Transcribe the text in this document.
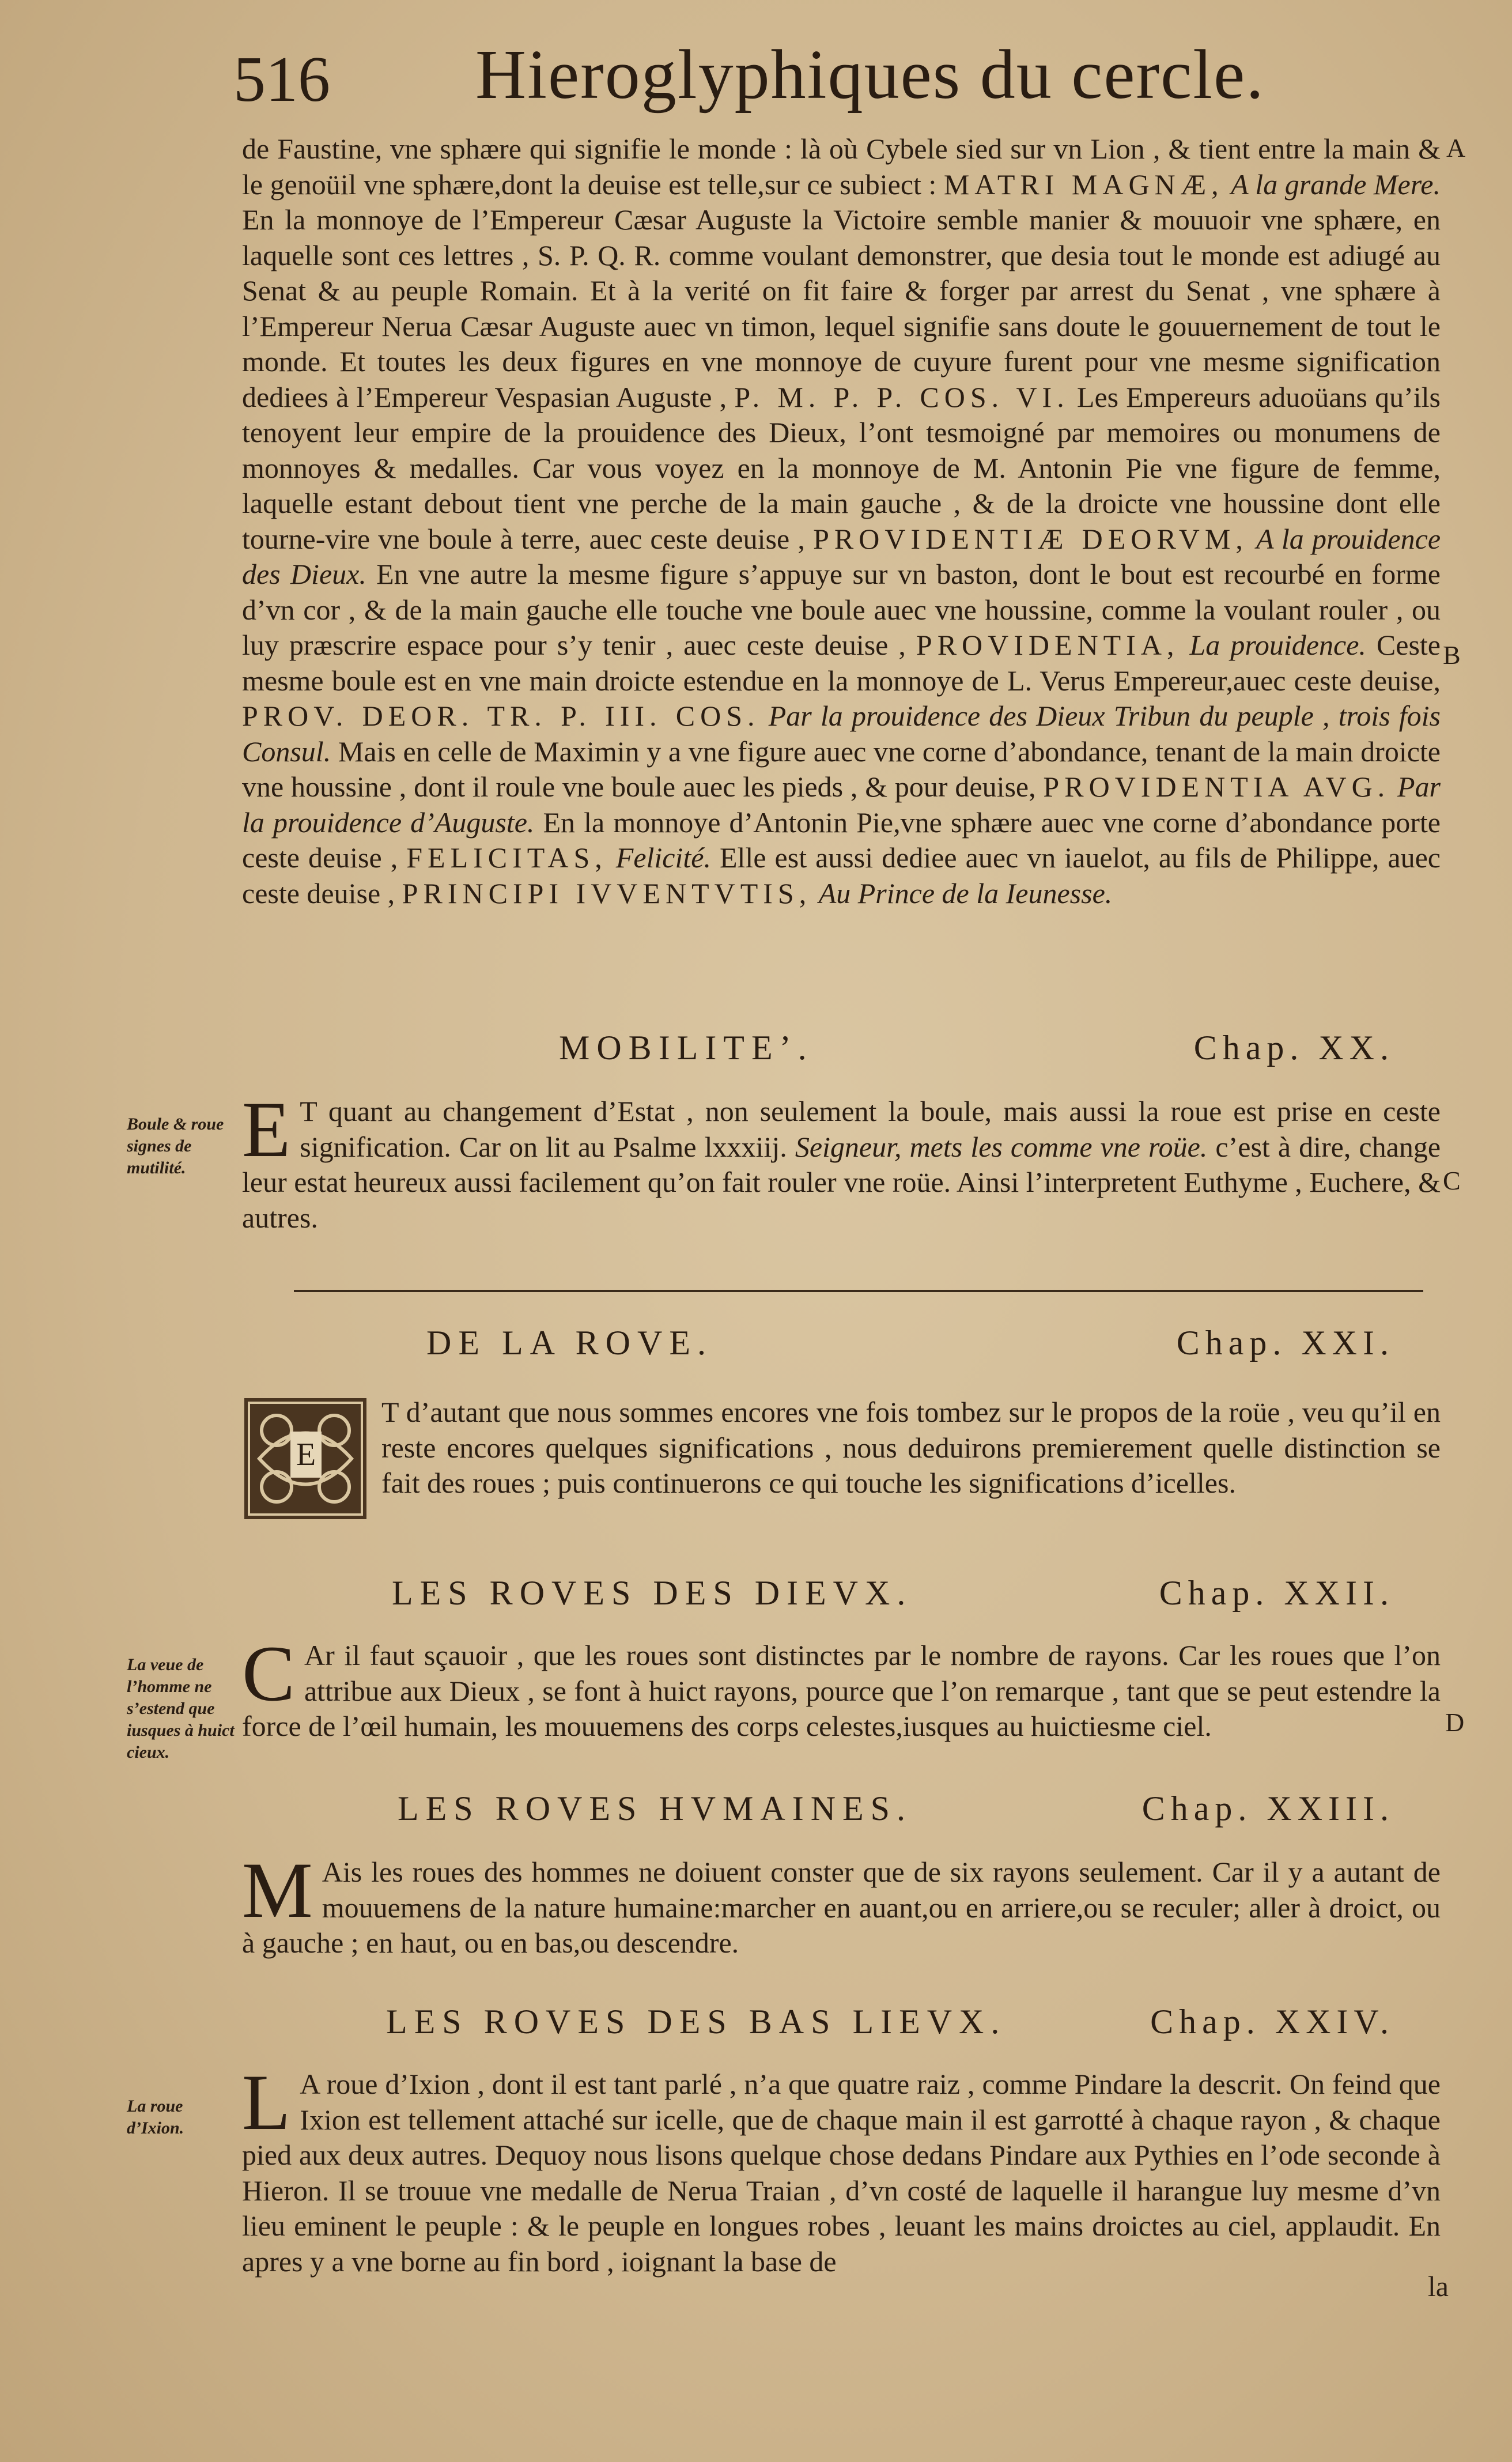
516 Hieroglyphiques du cercle.

de Faustine, vne sphære qui signifie le monde : là où Cybele sied sur vn Lion , & tient entre la main & le genoüil vne sphære,dont la deuise est telle,sur ce subiect : MATRI MAGNÆ, A la grande Mere. En la monnoye de l’Empereur Cæsar Auguste la Victoire semble manier & mouuoir vne sphære, en laquelle sont ces lettres , S. P. Q. R. comme voulant demonstrer, que desia tout le monde est adiugé au Senat & au peuple Romain. Et à la verité on fit faire & forger par arrest du Senat , vne sphære à l’Empereur Nerua Cæsar Auguste auec vn timon, lequel signifie sans doute le gouuernement de tout le monde. Et toutes les deux figures en vne monnoye de cuyure furent pour vne mesme signification dediees à l’Empereur Vespasian Auguste , P. M. P. P. COS. VI. Les Empereurs aduoüans qu’ils tenoyent leur empire de la prouidence des Dieux, l’ont tesmoigné par memoires ou monumens de monnoyes & medalles. Car vous voyez en la monnoye de M. Antonin Pie vne figure de femme, laquelle estant debout tient vne perche de la main gauche , & de la droicte vne houssine dont elle tourne-vire vne boule à terre, auec ceste deuise , PROVIDENTIÆ DEORVM, A la prouidence des Dieux. En vne autre la mesme figure s’appuye sur vn baston, dont le bout est recourbé en forme d’vn cor , & de la main gauche elle touche vne boule auec vne houssine, comme la voulant rouler , ou luy præscrire espace pour s’y tenir , auec ceste deuise , PROVIDENTIA, La prouidence. Ceste mesme boule est en vne main droicte estendue en la monnoye de L. Verus Empereur,auec ceste deuise, PROV. DEOR. TR. P. III. COS. Par la prouidence des Dieux Tribun du peuple , trois fois Consul. Mais en celle de Maximin y a vne figure auec vne corne d’abondance, tenant de la main droicte vne houssine , dont il roule vne boule auec les pieds , & pour deuise, PROVIDENTIA AVG. Par la prouidence d’Auguste. En la monnoye d’Antonin Pie,vne sphære auec vne corne d’abondance porte ceste deuise , FELICITAS, Felicité. Elle est aussi dediee auec vn iauelot, au fils de Philippe, auec ceste deuise , PRINCIPI IVVENTVTIS, Au Prince de la Ieunesse.

MOBILITE’.	Chap. XX.

E T quant au changement d’Estat , non seulement la boule, mais aussi la roue est prise en ceste signification. Car on lit au Psalme lxxxiij. Seigneur, mets les comme vne roüe. c’est à dire, change leur estat heureux aussi facilement qu’on fait rouler vne roüe. Ainsi l’interpretent Euthyme , Euchere, & autres.

DE LA ROVE.	Chap. XXI.

E
T d’autant que nous sommes encores vne fois tombez sur le propos de la roüe , veu qu’il en reste encores quelques significations , nous deduirons premierement quelle distinction se fait des roues ; puis continuerons ce qui touche les significations d’icelles.

LES ROVES DES DIEVX.	Chap. XXII.

C Ar il faut sçauoir , que les roues sont distinctes par le nombre de rayons. Car les roues que l’on attribue aux Dieux , se font à huict rayons, pource que l’on remarque , tant que se peut estendre la force de l’œil humain, les mouuemens des corps celestes,iusques au huictiesme ciel.

LES ROVES HVMAINES.	Chap. XXIII.

M Ais les roues des hommes ne doiuent conster que de six rayons seulement. Car il y a autant de mouuemens de la nature humaine:marcher en auant,ou en arriere,ou se reculer; aller à droict, ou à gauche ; en haut, ou en bas,ou descendre.

LES ROVES DES BAS LIEVX.	Chap. XXIV.

L A roue d’Ixion , dont il est tant parlé , n’a que quatre raiz , comme Pindare la descrit. On feind que Ixion est tellement attaché sur icelle, que de chaque main il est garrotté à chaque rayon , & chaque pied aux deux autres. Dequoy nous lisons quelque chose dedans Pindare aux Pythies en l’ode seconde à Hieron. Il se trouue vne medalle de Nerua Traian , d’vn costé de laquelle il harangue luy mesme d’vn lieu eminent le peuple : & le peuple en longues robes , leuant les mains droictes au ciel, applaudit. En apres y a vne borne au fin bord , ioignant la base de

la

Boule & roue signes de mutilité.

La veue de l’homme ne s’estend que iusques à huict cieux.

La roue d’Ixion.

A
B
C
D
